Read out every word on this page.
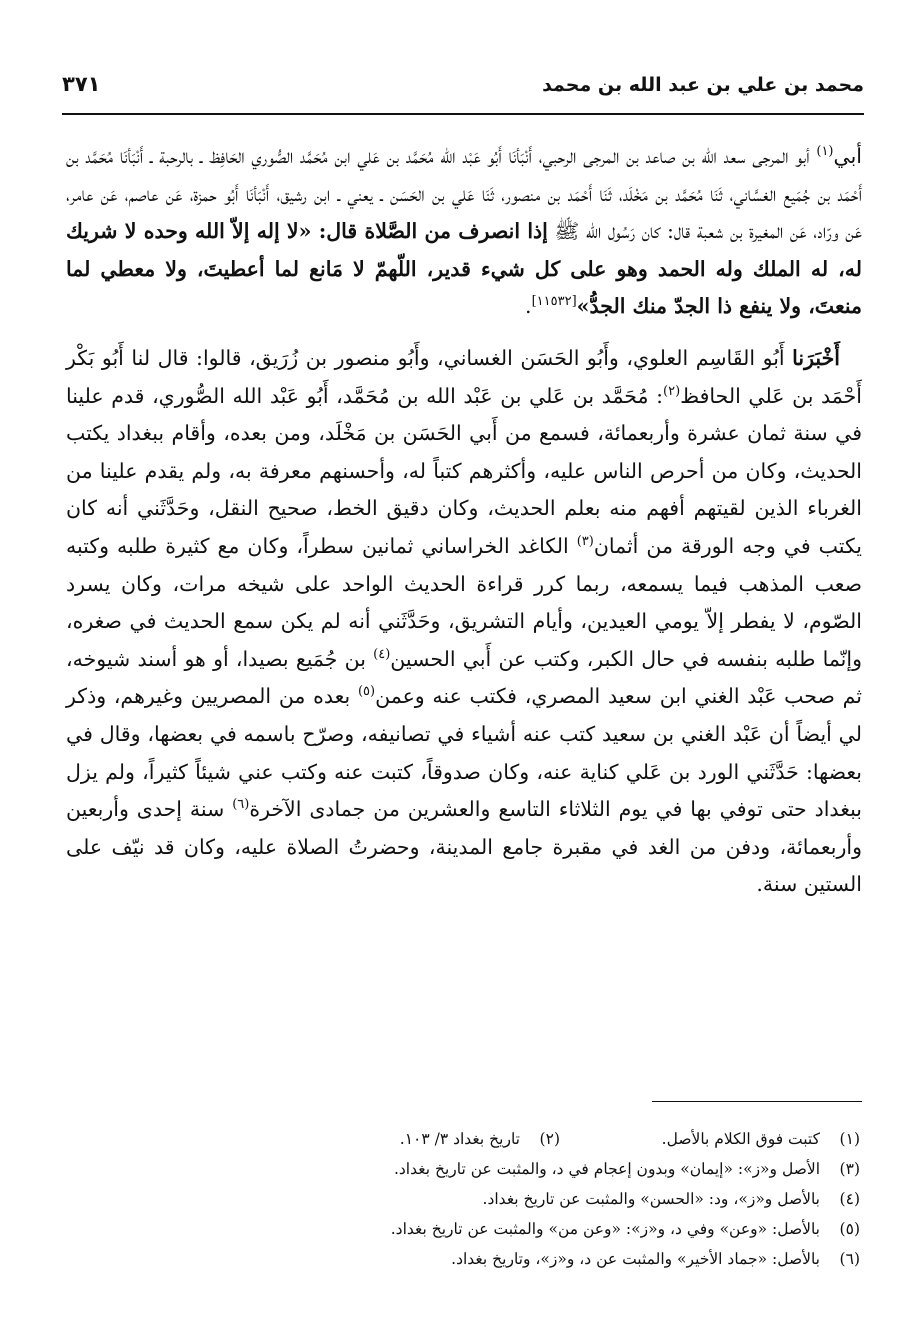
محمد بن علي بن عبد الله بن محمد
٣٧١

أبي$^{(١)}$ أبو المرجى سعد الله بن صاعد بن المرجى الرحبي، أَنْبَأنَا أَبُو عَبْد الله مُحَمَّد بن عَلي ابن مُحَمَّد الصُّوري الحَافِظ ـ بالرحبة ـ أَنْبَأنَا مُحَمَّد بن أَحْمَد بن جُمَيع الغسَّاني، ثَنَا مُحَمَّد بن مَخْلَد، ثَنَا أَحْمَد بن منصور، ثَنَا عَلي بن الحَسَن ـ يعني ـ ابن رشيق، أَنْبَأنَا أَبُو حمزة، عَن عاصم، عَن عامر، عَن ورّاد، عَن المغيرة بن شعبة قال: كان رَسُول الله ﷺ إذا انصرف من الصَّلاة قال: «لا إله إلاّ الله وحده لا شريك له، له الملك وله الحمد وهو على كل شيء قدير، اللّهمّ لا مَانع لما أعطيتَ، ولا معطي لما منعتَ، ولا ينفع ذا الجدّ منك الجدُّ»[١١٥٣٢].

أَخْبَرَنا أَبُو القَاسِم العلوي، وأَبُو الحَسَن الغساني، وأَبُو منصور بن زُرَيق، قالوا: قال لنا أَبُو بَكْر أَحْمَد بن عَلي الحافظ$^{(٢)}$: مُحَمَّد بن عَلي بن عَبْد الله بن مُحَمَّد، أَبُو عَبْد الله الصُّوري، قدم علينا في سنة ثمان عشرة وأربعمائة، فسمع من أَبي الحَسَن بن مَخْلَد، ومن بعده، وأقام ببغداد يكتب الحديث، وكان من أحرص الناس عليه، وأكثرهم كتباً له، وأحسنهم معرفة به، ولم يقدم علينا من الغرباء الذين لقيتهم أفهم منه بعلم الحديث، وكان دقيق الخط، صحيح النقل، وحَدَّثَني أنه كان يكتب في وجه الورقة من أثمان$^{(٣)}$ الكاغد الخراساني ثمانين سطراً، وكان مع كثيرة طلبه وكتبه صعب المذهب فيما يسمعه، ربما كرر قراءة الحديث الواحد على شيخه مرات، وكان يسرد الصّوم، لا يفطر إلاّ يومي العيدين، وأيام التشريق، وحَدَّثَني أنه لم يكن سمع الحديث في صغره، وإنّما طلبه بنفسه في حال الكبر، وكتب عن أَبي الحسين$^{(٤)}$ بن جُمَيع بصيدا، أو هو أسند شيوخه، ثم صحب عَبْد الغني ابن سعيد المصري، فكتب عنه وعمن$^{(٥)}$ بعده من المصريين وغيرهم، وذكر لي أيضاً أن عَبْد الغني بن سعيد كتب عنه أشياء في تصانيفه، وصرّح باسمه في بعضها، وقال في بعضها: حَدَّثَني الورد بن عَلي كناية عنه، وكان صدوقاً، كتبت عنه وكتب عني شيئاً كثيراً، ولم يزل ببغداد حتى توفي بها في يوم الثلاثاء التاسع والعشرين من جمادى الآخرة$^{(٦)}$ سنة إحدى وأربعين وأربعمائة، ودفن من الغد في مقبرة جامع المدينة، وحضرتُ الصلاة عليه، وكان قد نيّف على الستين سنة.

(١)كتبت فوق الكلام بالأصل.(٢)تاريخ بغداد ٣/ ١٠٣.
(٣)الأصل و«ز»: «إيمان» وبدون إعجام في د، والمثبت عن تاريخ بغداد.
(٤)بالأصل و«ز»، ود: «الحسن» والمثبت عن تاريخ بغداد.
(٥)بالأصل: «وعن» وفي د، و«ز»: «وعن من» والمثبت عن تاريخ بغداد.
(٦)بالأصل: «جماد الأخير» والمثبت عن د، و«ز»، وتاريخ بغداد.
